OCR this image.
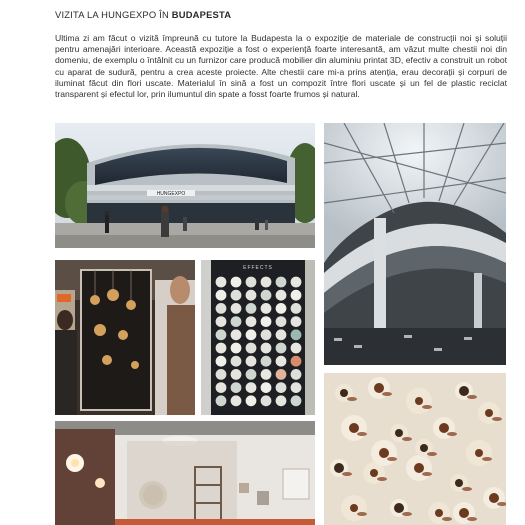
VIZITA LA HUNGEXPO ÎN BUDAPESTA
Ultima zi am făcut o vizită împreună cu tutore la Budapesta la o expoziție de materiale de construcții noi și soluții pentru amenajări interioare. Această expoziție a fost o experiență foarte interesantă, am văzut multe chestii noi din domeniu, de exemplu o întâlnit cu un furnizor care producă mobilier din aluminiu printat 3D, efectiv a construit un robot cu aparat de sudură, pentru a crea aceste proiecte. Alte chestii care mi-a prins atenția, erau decorații și corpuri de iluminat făcut din flori uscate. Materialul în sină a fost un compozit între flori uscate și un fel de plastic reciclat transparent și efectul lor, prin ilumuntul din spate a fosst foarte frumos și natural.
HUNGEXPO
EFFECTS
